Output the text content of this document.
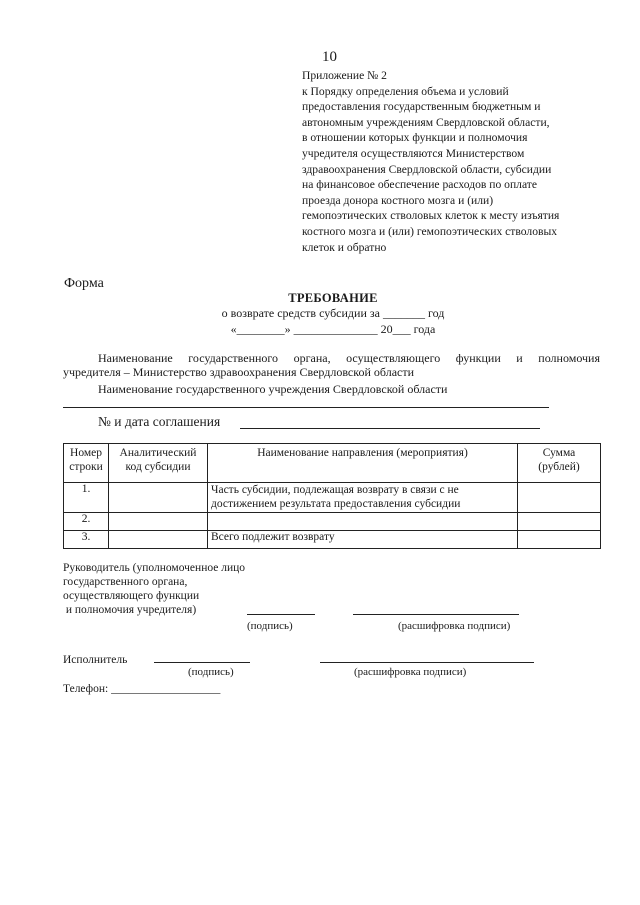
10
Приложение № 2
к Порядку определения объема и условий
предоставления государственным бюджетным и
автономным учреждениям Свердловской области,
в отношении которых функции и полномочия
учредителя осуществляются Министерством
здравоохранения Свердловской области, субсидии
на финансовое обеспечение расходов по оплате
проезда донора костного мозга и (или)
гемопоэтических стволовых клеток к месту изъятия
костного мозга и (или) гемопоэтических стволовых
клеток и обратно
Форма
ТРЕБОВАНИЕ
о возврате средств субсидии за _______ год
«________» ______________ 20___ года
Наименование государственного органа, осуществляющего функции и полномочия
учредителя – Министерство здравоохранения Свердловской области
Наименование государственного учреждения Свердловской области
№ и дата соглашения
Номер строки	Аналитический код субсидии	Наименование направления (мероприятия)	Сумма (рублей)
1.		Часть субсидии, подлежащая возврату в связи с не достижением результата предоставления субсидии	
2.			
3.		Всего подлежит возврату	
Руководитель (уполномоченное лицо
государственного органа,
осуществляющего функции
и полномочия учредителя)
(подпись)	(расшифровка подписи)
Исполнитель
(подпись)	(расшифровка подписи)
Телефон: ___________________
